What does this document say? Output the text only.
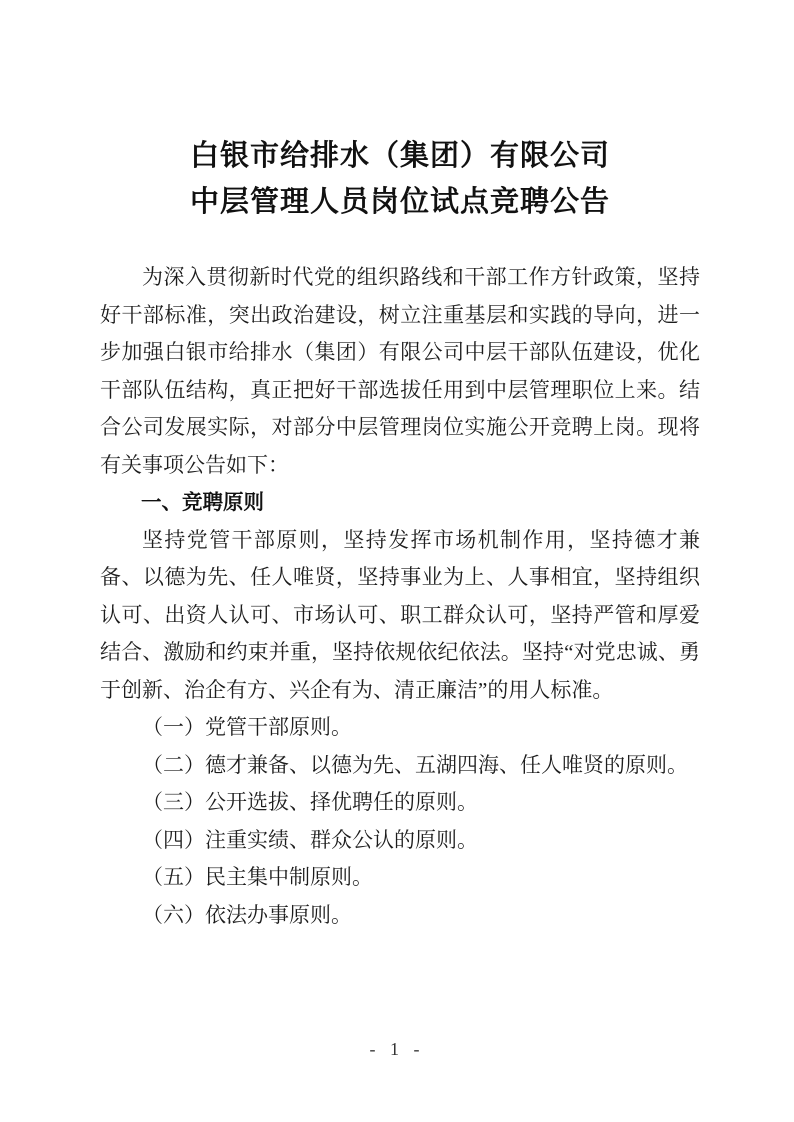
白银市给排水（集团）有限公司
中层管理人员岗位试点竞聘公告

为深入贯彻新时代党的组织路线和干部工作方针政策，坚持好干部标准，突出政治建设，树立注重基层和实践的导向，进一步加强白银市给排水（集团）有限公司中层干部队伍建设，优化干部队伍结构，真正把好干部选拔任用到中层管理职位上来。结合公司发展实际，对部分中层管理岗位实施公开竞聘上岗。现将有关事项公告如下：

一、竞聘原则

坚持党管干部原则，坚持发挥市场机制作用，坚持德才兼备、以德为先、任人唯贤，坚持事业为上、人事相宜，坚持组织认可、出资人认可、市场认可、职工群众认可，坚持严管和厚爱结合、激励和约束并重，坚持依规依纪依法。坚持“对党忠诚、勇于创新、治企有方、兴企有为、清正廉洁”的用人标准。

（一）党管干部原则。

（二）德才兼备、以德为先、五湖四海、任人唯贤的原则。

（三）公开选拔、择优聘任的原则。

（四）注重实绩、群众公认的原则。

（五）民主集中制原则。

（六）依法办事原则。

- 1 -
